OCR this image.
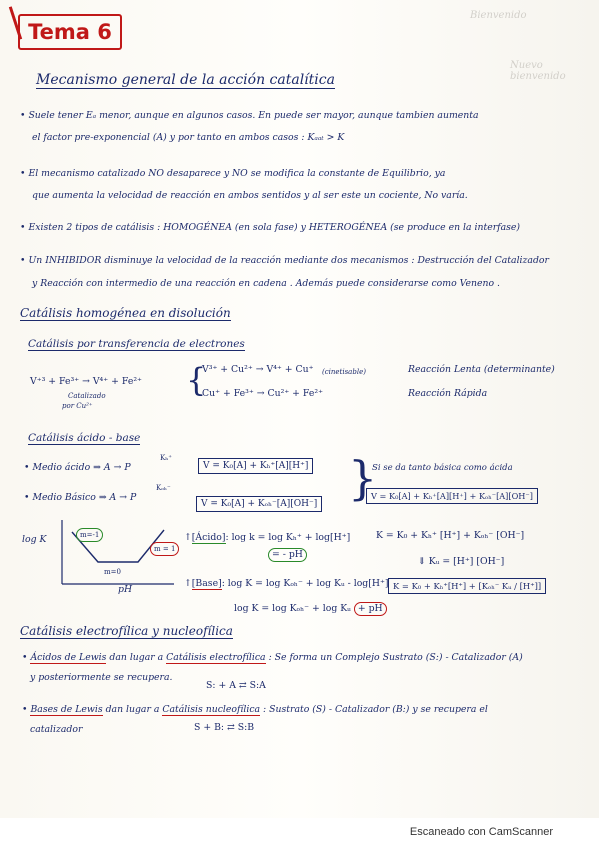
Bienvenido
Nuevo bienvenido
Tema 6
Mecanismo general de la acción catalítica
• Suele tener Eₐ menor, aunque en algunos casos. En puede ser mayor, aunque tambien aumenta
el factor pre-exponencial (A) y por tanto en ambos casos : Kₐₐₜ > K
• El mecanismo catalizado NO desaparece y NO se modifica la constante de Equilibrio, ya
que aumenta la velocidad de reacción en ambos sentidos y al ser este un cociente, No varía.
• Existen 2 tipos de catálisis : HOMOGÉNEA (en sola fase) y HETEROGÉNEA (se produce en la interfase)
• Un INHIBIDOR disminuye la velocidad de la reacción mediante dos mecanismos : Destrucción del Catalizador
y Reacción con intermedio de una reacción en cadena . Además puede considerarse como Veneno .
Catálisis homogénea en disolución
Catálisis por transferencia de electrones
V⁺³ + Fe³⁺ → V⁴⁺ + Fe²⁺
Catalizado
por Cu²⁺
{
V³⁺ + Cu²⁺ → V⁴⁺ + Cu⁺ (cinetisable)	Reacción Lenta (determinante)
Cu⁺ + Fe³⁺ → Cu²⁺ + Fe²⁺	Reacción Rápida
Catálisis ácido - base
• Medio ácido ⇒ A → P
Kₕ⁺
V = K₀[A] + Kₕ⁺[A][H⁺]
• Medio Básico ⇒ A → P
Kₒₕ⁻
V = K₀[A] + Kₒₕ⁻[A][OH⁻] }
Si se da tanto básica como ácida
V = K₀[A] + Kₕ⁺[A][H⁺] + Kₒₕ⁻[A][OH⁻]
log K	m=-1
m = 1
m=0
pH
↑[Ácido]: log k = log Kₕ⁺ + log[H⁺]
= - pH
↑[Base]: log K = log Kₒₕ⁻ + log Kᵤ - log[H⁺]
log K = log Kₒₕ⁻ + log Kᵤ + pH
K = K₀ + Kₕ⁺ [H⁺] + Kₒₕ⁻ [OH⁻]
⇓ Kᵤ = [H⁺] [OH⁻]
K = K₀ + Kₕ⁺[H⁺] + [Kₒₕ⁻ Kᵤ / [H⁺]]
Catálisis electrofílica y nucleofílica
• Ácidos de Lewis dan lugar a Catálisis electrofílica : Se forma un Complejo Sustrato (S:) - Catalizador (A)
y posteriormente se recupera.
S: + A ⇄ S:A
• Bases de Lewis dan lugar a Catálisis nucleofílica : Sustrato (S) - Catalizador (B:) y se recupera el
catalizador	S + B: ⇄ S:B
Escaneado con CamScanner
